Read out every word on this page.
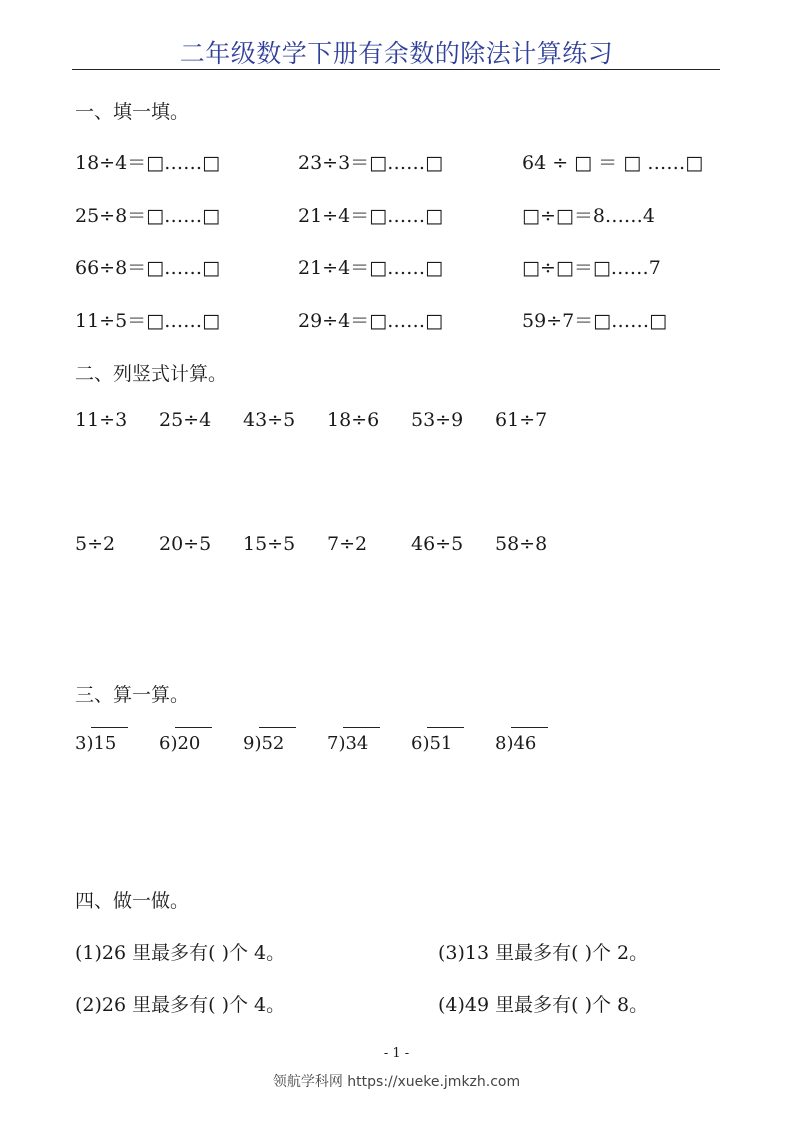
二年级数学下册有余数的除法计算练习
一、填一填。
18÷4＝□……□	23÷3＝□……□	64 ÷ □ ＝ □ ……□
25÷8＝□……□	21÷4＝□……□	□÷□＝8……4
66÷8＝□……□	21÷4＝□……□	□÷□＝□……7
11÷5＝□……□	29÷4＝□……□	59÷7＝□……□
二、列竖式计算。
11÷3 25÷4 43÷5 18÷6 53÷9 61÷7
5÷2 20÷5 15÷5 7÷2 46÷5 58÷8
三、算一算。
3)15	6)20	9)52	7)34	6)51	8)46
四、做一做。
(1)26 里最多有( )个 4。	(3)13 里最多有( )个 2。
(2)26 里最多有( )个 4。	(4)49 里最多有( )个 8。
- 1 -
领航学科网 https://xueke.jmkzh.com
